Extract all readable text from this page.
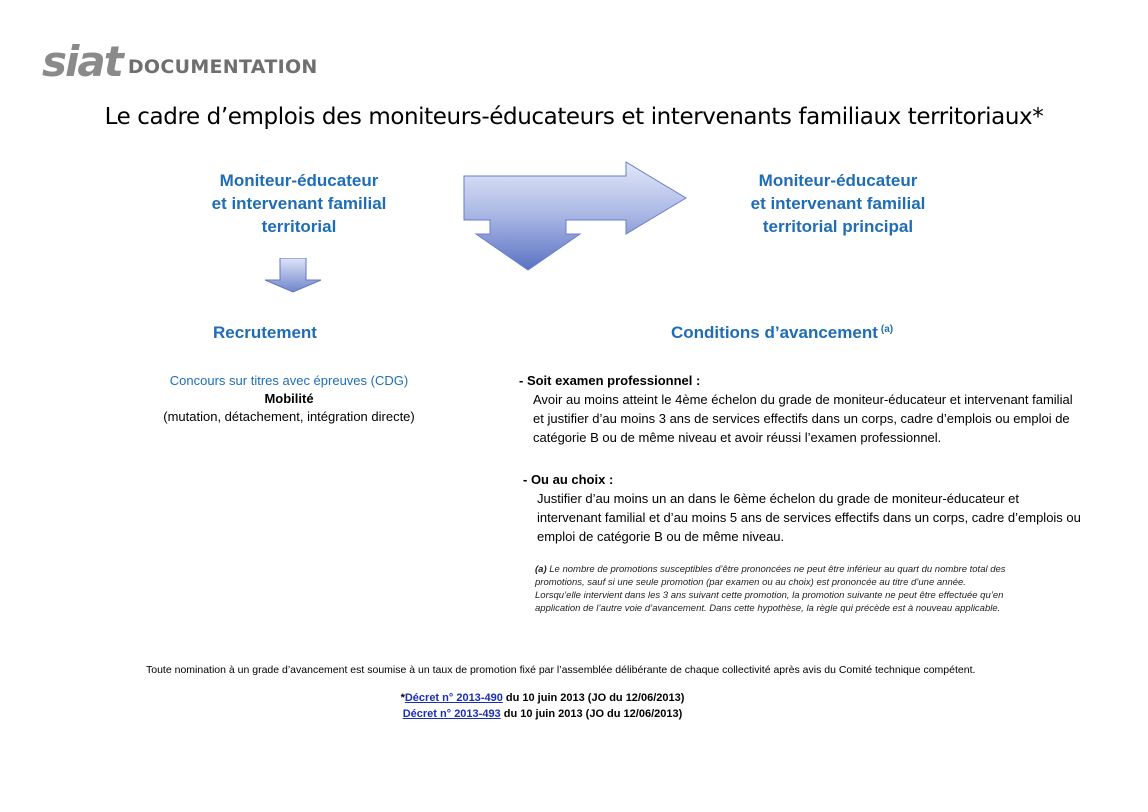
siat DOCUMENTATION
Le cadre d’emplois des moniteurs-éducateurs et intervenants familiaux territoriaux*
Moniteur-éducateur
et intervenant familial
territorial
Moniteur-éducateur
et intervenant familial
territorial principal
Recrutement	Conditions d’avancement $^{(a)}$
Concours sur titres avec épreuves (CDG)
Mobilité
(mutation, détachement, intégration directe)
- Soit examen professionnel :
Avoir au moins atteint le 4ème échelon du grade de moniteur-éducateur et intervenant familial et justifier d’au moins 3 ans de services effectifs dans un corps, cadre d’emplois ou emploi de catégorie B ou de même niveau et avoir réussi l’examen professionnel.
- Ou au choix :
Justifier d’au moins un an dans le 6ème échelon du grade de moniteur-éducateur et intervenant familial et d’au moins 5 ans de services effectifs dans un corps, cadre d’emplois ou emploi de catégorie B ou de même niveau.
(a) Le nombre de promotions susceptibles d’être prononcées ne peut être inférieur au quart du nombre total des promotions, sauf si une seule promotion (par examen ou au choix) est prononcée au titre d’une année.
Lorsqu’elle intervient dans les 3 ans suivant cette promotion, la promotion suivante ne peut être effectuée qu’en application de l’autre voie d’avancement. Dans cette hypothèse, la règle qui précède est à nouveau applicable.
Toute nomination à un grade d’avancement est soumise à un taux de promotion fixé par l’assemblée délibérante de chaque collectivité après avis du Comité technique compétent.
*Décret n° 2013-490 du 10 juin 2013 (JO du 12/06/2013)
Décret n° 2013-493 du 10 juin 2013 (JO du 12/06/2013)
